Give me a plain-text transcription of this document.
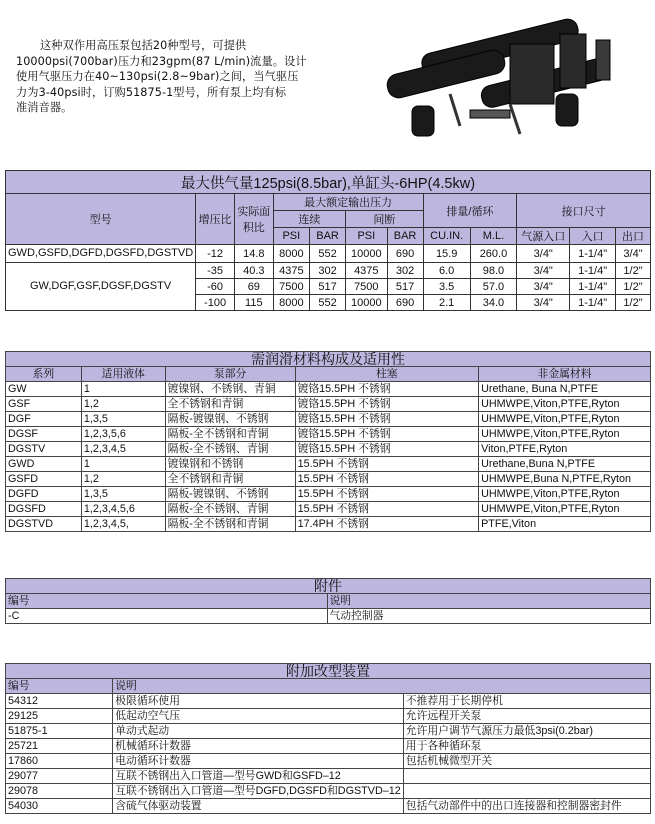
这种双作用高压泵包括20种型号，可提供

10000psi(700bar)压力和23gpm(87 L/min)流量。设计
使用气驱压力在40~130psi(2.8~9bar)之间，当气驱压
力为3-40psi时，订购51875-1型号，所有泵上均有标
准消音器。
最大供气量125psi(8.5bar),单缸头-6HP(4.5kw)											
型号	增压比	实际面积比	最大额定输出压力				排量/循环		接口尺寸		
			连续		间断						
			PSI	BAR	PSI	BAR	CU.IN.	M.L.	气源入口	入口	出口
GWD,GSFD,DGFD,DGSFD,DGSTVD	-12	14.8	8000	552	10000	690	15.9	260.0	3/4"	1-1/4"	3/4"
GW,DGF,GSF,DGSF,DGSTV	-35	40.3	4375	302	4375	302	6.0	98.0	3/4"	1-1/4"	1/2"
	-60	69	7500	517	7500	517	3.5	57.0	3/4"	1-1/4"	1/2"
	-100	115	8000	552	10000	690	2.1	34.0	3/4"	1-1/4"	1/2"
需润滑材料构成及适用性				
系列	适用液体	泵部分	柱塞	非金属材料
GW	1	镀镍钢、不锈钢、青铜	镀铬15.5PH 不锈钢	Urethane, Buna N,PTFE
GSF	1,2	全不锈钢和青铜	镀铬15.5PH 不锈钢	UHMWPE,Viton,PTFE,Ryton
DGF	1,3,5	隔板-镀镍钢、不锈钢	镀铬15.5PH 不锈钢	UHMWPE,Viton,PTFE,Ryton
DGSF	1,2,3,5,6	隔板-全不锈钢和青铜	镀铬15.5PH 不锈钢	UHMWPE,Viton,PTFE,Ryton
DGSTV	1,2,3,4,5	隔板-全不锈钢、青铜	镀铬15.5PH 不锈钢	Viton,PTFE,Ryton
GWD	1	镀镍钢和不锈钢	15.5PH 不锈钢	Urethane,Buna N,PTFE
GSFD	1,2	全不锈钢和青铜	15.5PH 不锈钢	UHMWPE,Buna N,PTFE,Ryton
DGFD	1,3,5	隔板-镀镍钢、不锈钢	15.5PH 不锈钢	UHMWPE,Viton,PTFE,Ryton
DGSFD	1,2,3,4,5,6	隔板-全不锈钢、青铜	15.5PH 不锈钢	UHMWPE,Viton,PTFE,Ryton
DGSTVD	1,2,3,4,5,	隔板-全不锈钢和青铜	17.4PH 不锈钢	PTFE,Viton
附件	
编号	说明
-C	气动控制器
附加改型装置		
编号	说明	
54312	极限循环使用	不推荐用于长期停机
29125	低起动空气压	允许远程开关泵
51875-1	单动式起动	允许用户调节气源压力最低3psi(0.2bar)
25721	机械循环计数器	用于各种循环泵
17860	电动循环计数器	包括机械微型开关
29077	互联不锈钢出入口管道—型号GWD和GSFD–12	
29078	互联不锈钢出入口管道—型号DGFD,DGSFD和DGSTVD–12	
54030	含硫气体驱动装置	包括气动部件中的出口连接器和控制器密封件
